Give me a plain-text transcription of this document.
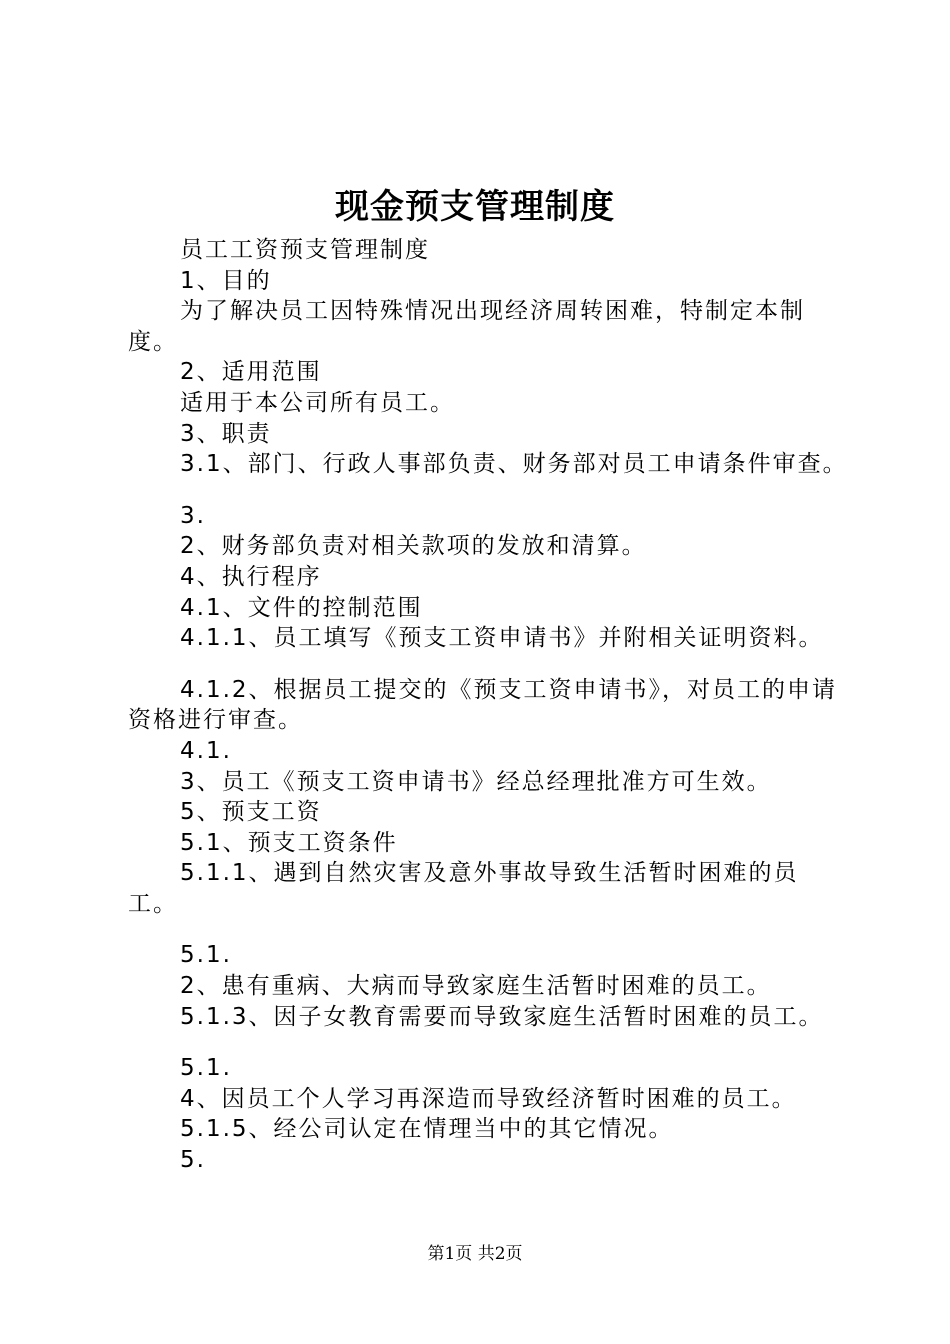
现金预支管理制度

员工工资预支管理制度

1、目的

为了解决员工因特殊情况出现经济周转困难，特制定本制度。

2、适用范围

适用于本公司所有员工。

3、职责

3.1、部门、行政人事部负责、财务部对员工申请条件审查。

3.

2、财务部负责对相关款项的发放和清算。

4、执行程序

4.1、文件的控制范围

4.1.1、员工填写《预支工资申请书》并附相关证明资料。

4.1.2、根据员工提交的《预支工资申请书》，对员工的申请资格进行审查。

4.1.

3、员工《预支工资申请书》经总经理批准方可生效。

5、预支工资

5.1、预支工资条件

5.1.1、遇到自然灾害及意外事故导致生活暂时困难的员工。

5.1.

2、患有重病、大病而导致家庭生活暂时困难的员工。

5.1.3、因子女教育需要而导致家庭生活暂时困难的员工。

5.1.

4、因员工个人学习再深造而导致经济暂时困难的员工。

5.1.5、经公司认定在情理当中的其它情况。

5.

第1页 共2页
